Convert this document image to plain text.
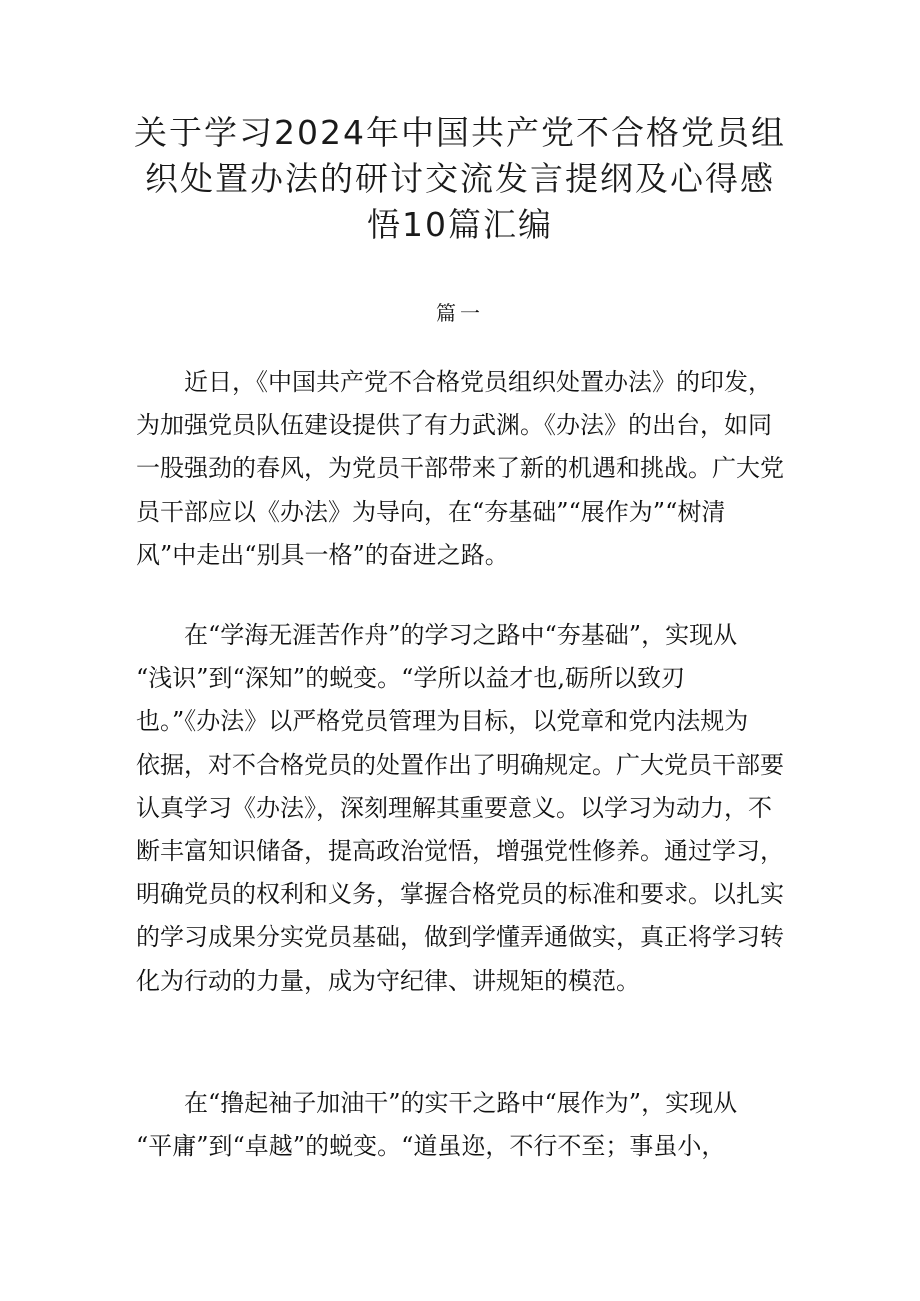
关于学习2024年中国共产党不合格党员组
织处置办法的研讨交流发言提纲及心得感
悟10篇汇编
篇一
　　近日，《中国共产党不合格党员组织处置办法》的印发，
为加强党员队伍建设提供了有力武渊。《办法》的出台，如同
一股强劲的春风，为党员干部带来了新的机遇和挑战。广大党
员干部应以《办法》为导向，在“夯基础”“展作为”“树清
风”中走出“别具一格”的奋进之路。
　　在“学海无涯苦作舟”的学习之路中“夯基础”，实现从
“浅识”到“深知”的蜕变。“学所以益才也,砺所以致刃
也。”《办法》以严格党员管理为目标，以党章和党内法规为
依据，对不合格党员的处置作出了明确规定。广大党员干部要
认真学习《办法》，深刻理解其重要意义。以学习为动力，不
断丰富知识储备，提高政治觉悟，增强党性修养。通过学习，
明确党员的权利和义务，掌握合格党员的标准和要求。以扎实
的学习成果分实党员基础，做到学懂弄通做实，真正将学习转
化为行动的力量，成为守纪律、讲规矩的模范。
　　在“撸起袖子加油干”的实干之路中“展作为”，实现从
“平庸”到“卓越”的蜕变。“道虽迩，不行不至；事虽小，
